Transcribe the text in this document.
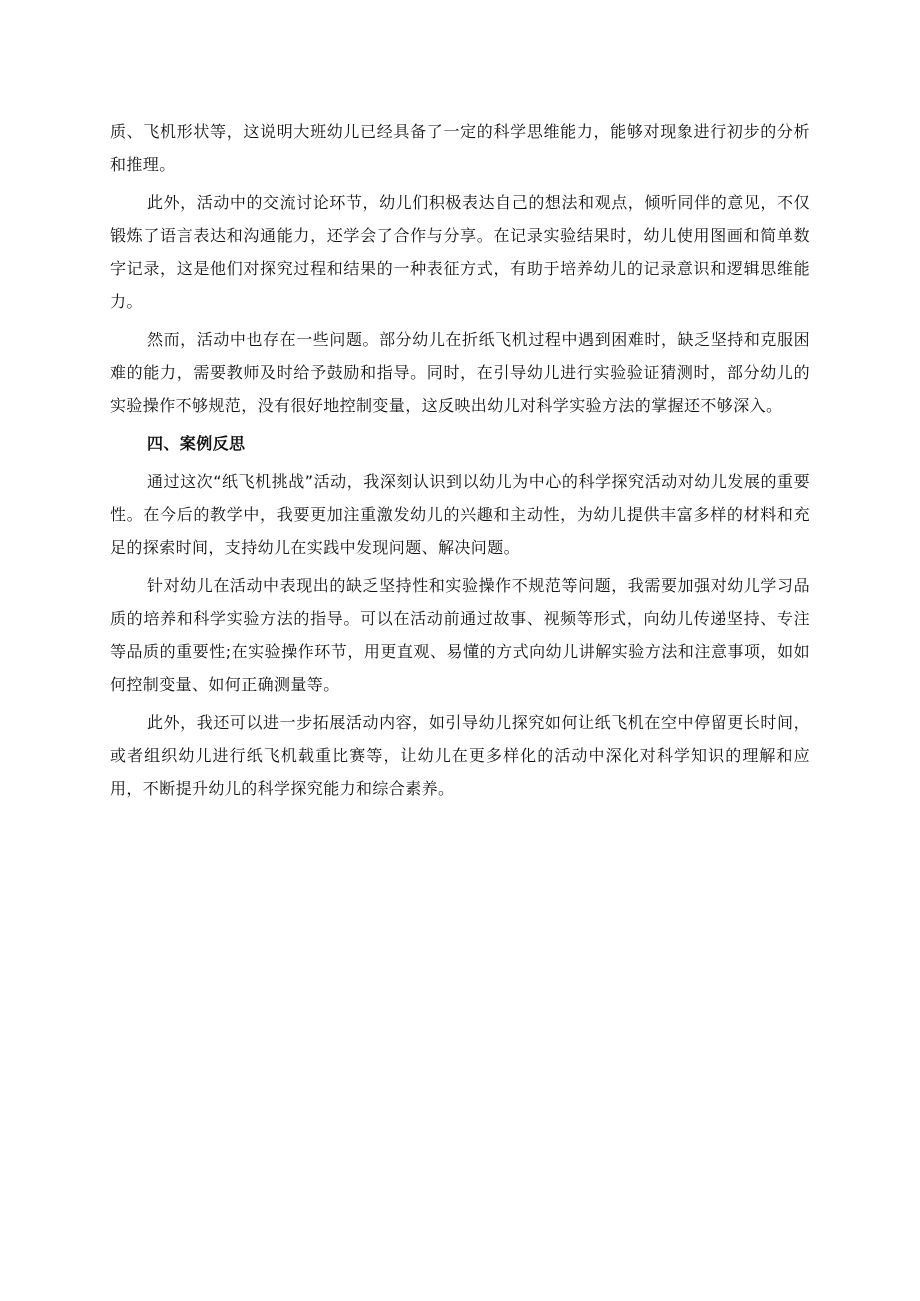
质、飞机形状等，这说明大班幼儿已经具备了一定的科学思维能力，能够对现象进行初步的分析和推理。

此外，活动中的交流讨论环节，幼儿们积极表达自己的想法和观点，倾听同伴的意见，不仅锻炼了语言表达和沟通能力，还学会了合作与分享。在记录实验结果时，幼儿使用图画和简单数字记录，这是他们对探究过程和结果的一种表征方式，有助于培养幼儿的记录意识和逻辑思维能力。

然而，活动中也存在一些问题。部分幼儿在折纸飞机过程中遇到困难时，缺乏坚持和克服困难的能力，需要教师及时给予鼓励和指导。同时，在引导幼儿进行实验验证猜测时，部分幼儿的实验操作不够规范，没有很好地控制变量，这反映出幼儿对科学实验方法的掌握还不够深入。

四、案例反思

通过这次“纸飞机挑战”活动，我深刻认识到以幼儿为中心的科学探究活动对幼儿发展的重要性。在今后的教学中，我要更加注重激发幼儿的兴趣和主动性，为幼儿提供丰富多样的材料和充足的探索时间，支持幼儿在实践中发现问题、解决问题。

针对幼儿在活动中表现出的缺乏坚持性和实验操作不规范等问题，我需要加强对幼儿学习品质的培养和科学实验方法的指导。可以在活动前通过故事、视频等形式，向幼儿传递坚持、专注等品质的重要性;在实验操作环节，用更直观、易懂的方式向幼儿讲解实验方法和注意事项，如如何控制变量、如何正确测量等。

此外，我还可以进一步拓展活动内容，如引导幼儿探究如何让纸飞机在空中停留更长时间，或者组织幼儿进行纸飞机载重比赛等，让幼儿在更多样化的活动中深化对科学知识的理解和应用，不断提升幼儿的科学探究能力和综合素养。
